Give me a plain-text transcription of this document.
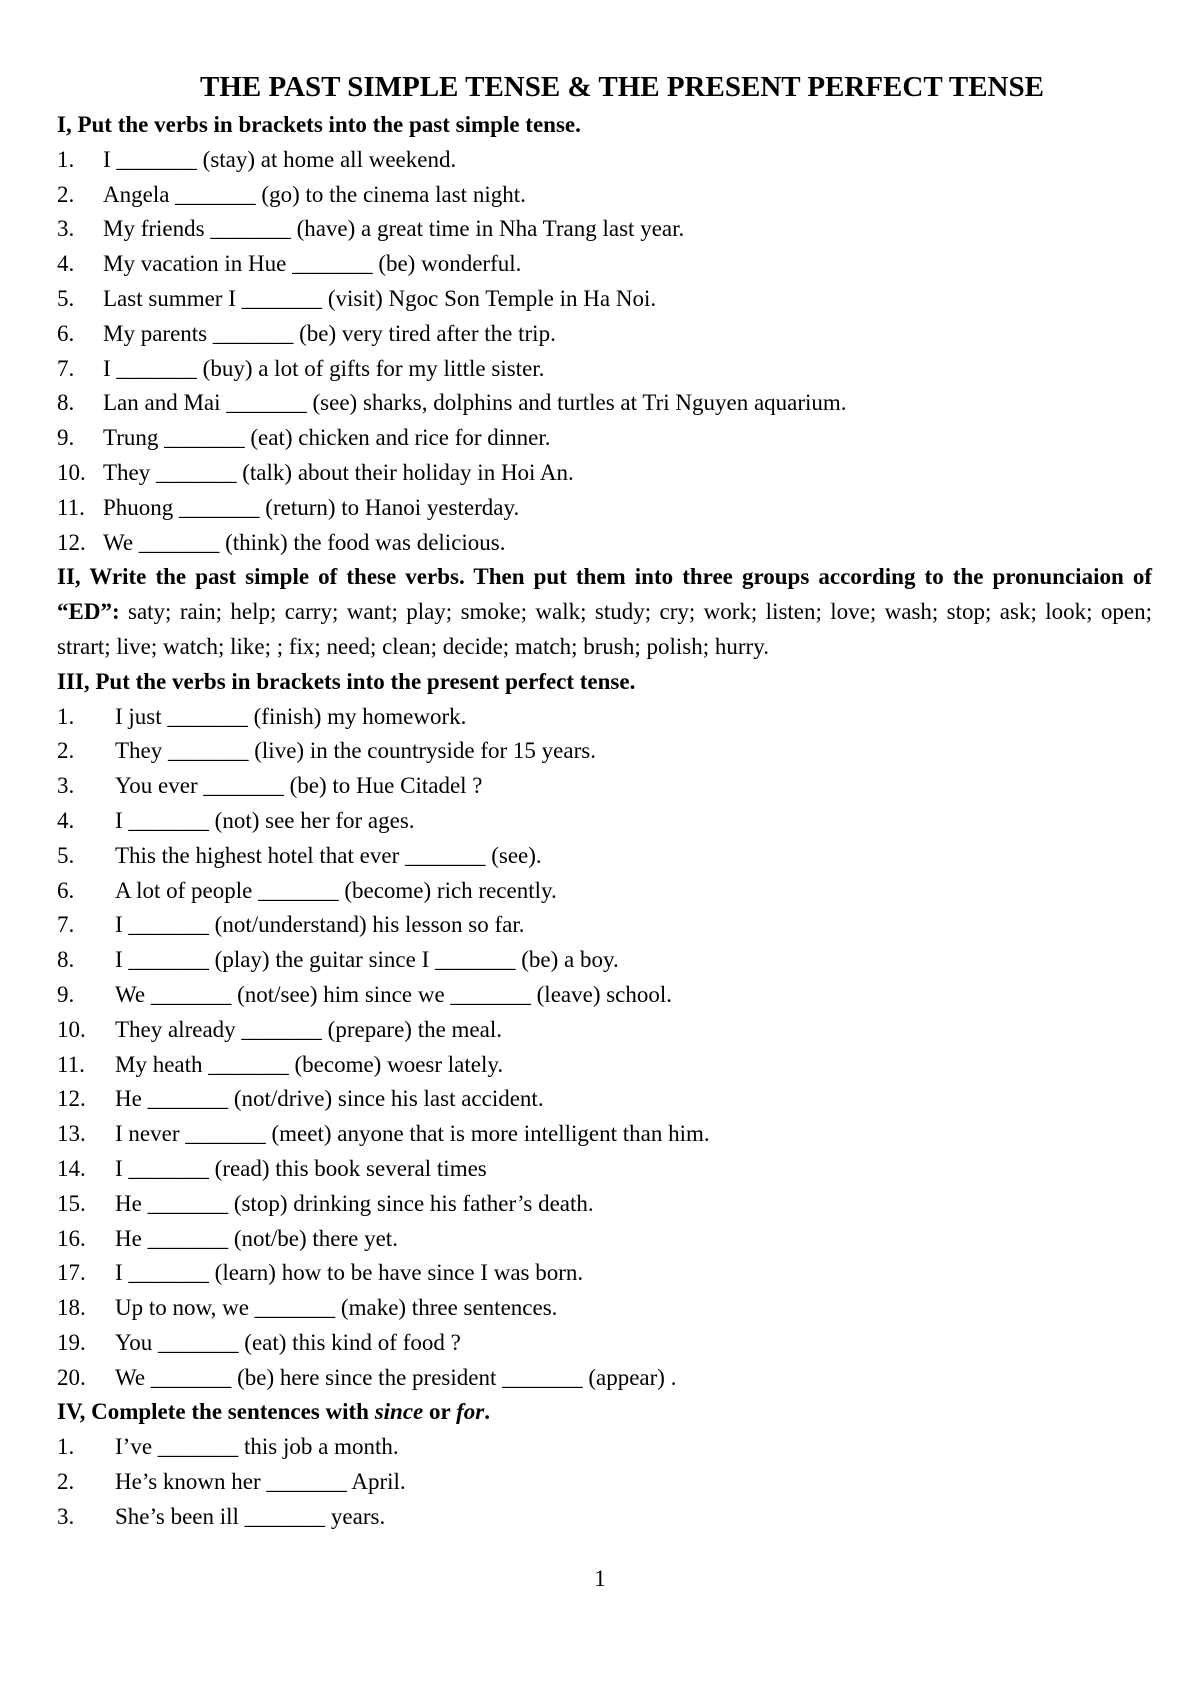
THE PAST SIMPLE TENSE & THE PRESENT PERFECT TENSE

I, Put the verbs in brackets into the past simple tense.

1. I _______ (stay) at home all weekend.
2. Angela _______ (go) to the cinema last night.
3. My friends _______ (have) a great time in Nha Trang last year.
4. My vacation in Hue _______ (be) wonderful.
5. Last summer I _______ (visit) Ngoc Son Temple in Ha Noi.
6. My parents _______ (be) very tired after the trip.
7. I _______ (buy) a lot of gifts for my little sister.
8. Lan and Mai _______ (see) sharks, dolphins and turtles at Tri Nguyen aquarium.
9. Trung _______ (eat) chicken and rice for dinner.
10. They _______ (talk) about their holiday in Hoi An.
11. Phuong _______ (return) to Hanoi yesterday.
12. We _______ (think) the food was delicious.

II, Write the past simple of these verbs. Then put them into three groups according to the pronunciaion of “ED”: saty; rain; help; carry; want; play; smoke; walk; study; cry; work; listen; love; wash; stop; ask; look; open; strart; live; watch; like; ; fix; need; clean; decide; match; brush; polish; hurry.

III, Put the verbs in brackets into the present perfect tense.

1. I just _______ (finish) my homework.
2. They _______ (live) in the countryside for 15 years.
3. You ever _______ (be) to Hue Citadel ?
4. I _______ (not) see her for ages.
5. This the highest hotel that ever _______ (see).
6. A lot of people _______ (become) rich recently.
7. I _______ (not/understand) his lesson so far.
8. I _______ (play) the guitar since I _______ (be) a boy.
9. We _______ (not/see) him since we _______ (leave) school.
10. They already _______ (prepare) the meal.
11. My heath _______ (become) woesr lately.
12. He _______ (not/drive) since his last accident.
13. I never _______ (meet) anyone that is more intelligent than him.
14. I _______ (read) this book several times
15. He _______ (stop) drinking since his father’s death.
16. He _______ (not/be) there yet.
17. I _______ (learn) how to be have since I was born.
18. Up to now, we _______ (make) three sentences.
19. You _______ (eat) this kind of food ?
20. We _______ (be) here since the president _______ (appear) .

IV, Complete the sentences with since or for.

1. I’ve _______ this job a month.
2. He’s known her _______ April.
3. She’s been ill _______ years.
1
